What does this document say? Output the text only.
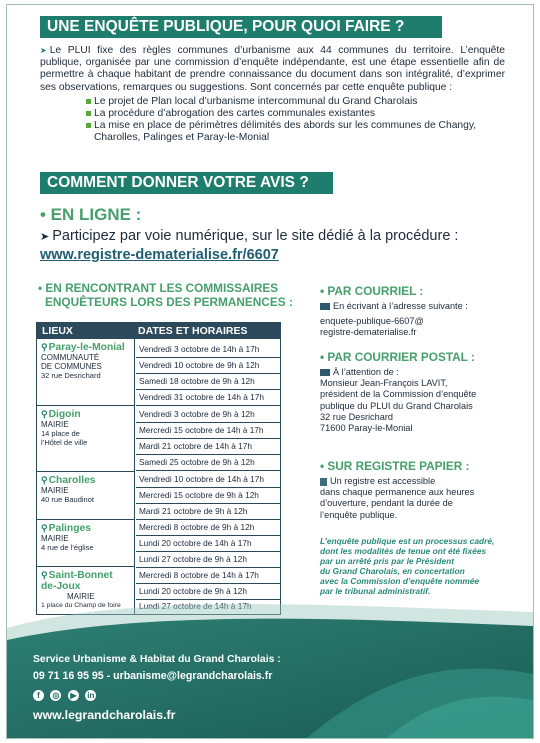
UNE ENQUÊTE PUBLIQUE, POUR QUOI FAIRE ?

➤ Le PLUI fixe des règles communes d’urbanisme aux 44 communes du territoire. L’enquête publique, organisée par une commission d’enquête indépendante, est une étape essentielle afin de permettre à chaque habitant de prendre connaissance du document dans son intégralité, d’exprimer ses observations, remarques ou suggestions. Sont concernés par cette enquête publique :

Le projet de Plan local d’urbanisme intercommunal du Grand Charolais
La procédure d’abrogation des cartes communales existantes
La mise en place de périmètres délimités des abords sur les communes de Changy, Charolles, Palinges et Paray-le-Monial
COMMENT DONNER VOTRE AVIS ?
• EN LIGNE :
➤ Participez par voie numérique, sur le site dédié à la procédure :
www.registre-dematerialise.fr/6607
• EN RENCONTRANT LES COMMISSAIRES
ENQUÊTEURS LORS DES PERMANENCES :
LIEUX	DATES ET HORAIRES
⚲Paray-le-Monial
COMMUNAUTÉ
DE COMMUNES
32 rue Desrichard
⚲Digoin
MAIRIE
14 place de
l’Hôtel de ville
⚲Charolles
MAIRIE
40 rue Baudinot
⚲Palinges
MAIRIE
4 rue de l’église
⚲Saint-Bonnet
de-Joux
MAIRIE
1 place du Champ de foire
Vendredi 3 octobre de 14h à 17h
Vendredi 10 octobre de 9h à 12h
Samedi 18 octobre de 9h à 12h
Vendredi 31 octobre de 14h à 17h
Vendredi 3 octobre de 9h à 12h
Mercredi 15 octobre de 14h à 17h
Mardi 21 octobre de 14h à 17h
Samedi 25 octobre de 9h à 12h
Vendredi 10 octobre de 14h à 17h
Mercredi 15 octobre de 9h à 12h
Mardi 21 octobre de 9h à 12h
Mercredi 8 octobre de 9h à 12h
Lundi 20 octobre de 14h à 17h
Lundi 27 octobre de 9h à 12h
Mercredi 8 octobre de 14h à 17h
Lundi 20 octobre de 9h à 12h
Lundi 27 octobre de 14h à 17h
• PAR COURRIEL :
En écrivant à l’adresse suivante :
enquete-publique-6607@
registre-dematerialise.fr
• PAR COURRIER POSTAL :
À l’attention de :
Monsieur Jean-François LAVIT,
président de la Commission d’enquête
publique du PLUI du Grand Charolais
32 rue Desrichard
71600 Paray-le-Monial
• SUR REGISTRE PAPIER :
Un registre est accessible
dans chaque permanence aux heures
d’ouverture, pendant la durée de
l’enquête publique.
L’enquête publique est un processus cadré,
dont les modalités de tenue ont été fixées
par un arrêté pris par le Président
du Grand Charolais, en concertation
avec la Commission d’enquête nommée
par le tribunal administratif.
Service Urbanisme & Habitat du Grand Charolais :
09 71 16 95 95 - urbanisme@legrandcharolais.fr
f ◎ ▶ in
www.legrandcharolais.fr
